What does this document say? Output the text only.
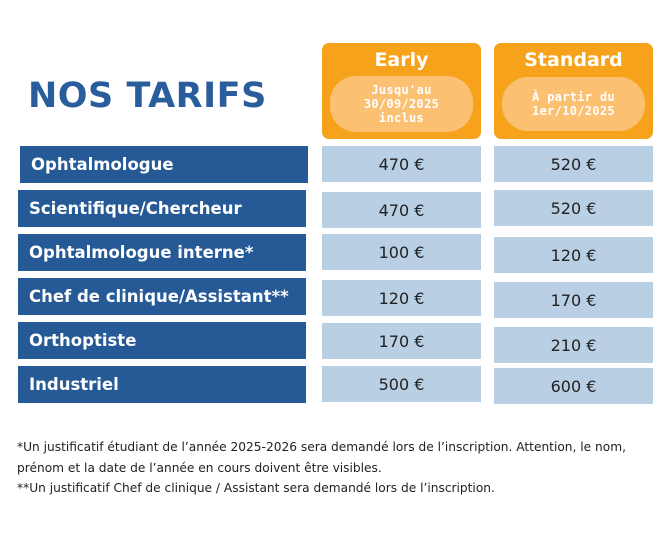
NOS TARIFS
Early
Jusqu'au
30/09/2025
inclus
Standard
À partir du
1er/10/2025
Ophtalmologue	470 €	520 €
Scientifique/Chercheur	470 €	520 €
Ophtalmologue interne*	100 €	120 €
Chef de clinique/Assistant**	120 €	170 €
Orthoptiste	170 €	210 €
Industriel	500 €	600 €

*Un justificatif étudiant de l’année 2025-2026 sera demandé lors de l’inscription. Attention, le nom, prénom et la date de l’année en cours doivent être visibles.

**Un justificatif Chef de clinique / Assistant sera demandé lors de l’inscription.
